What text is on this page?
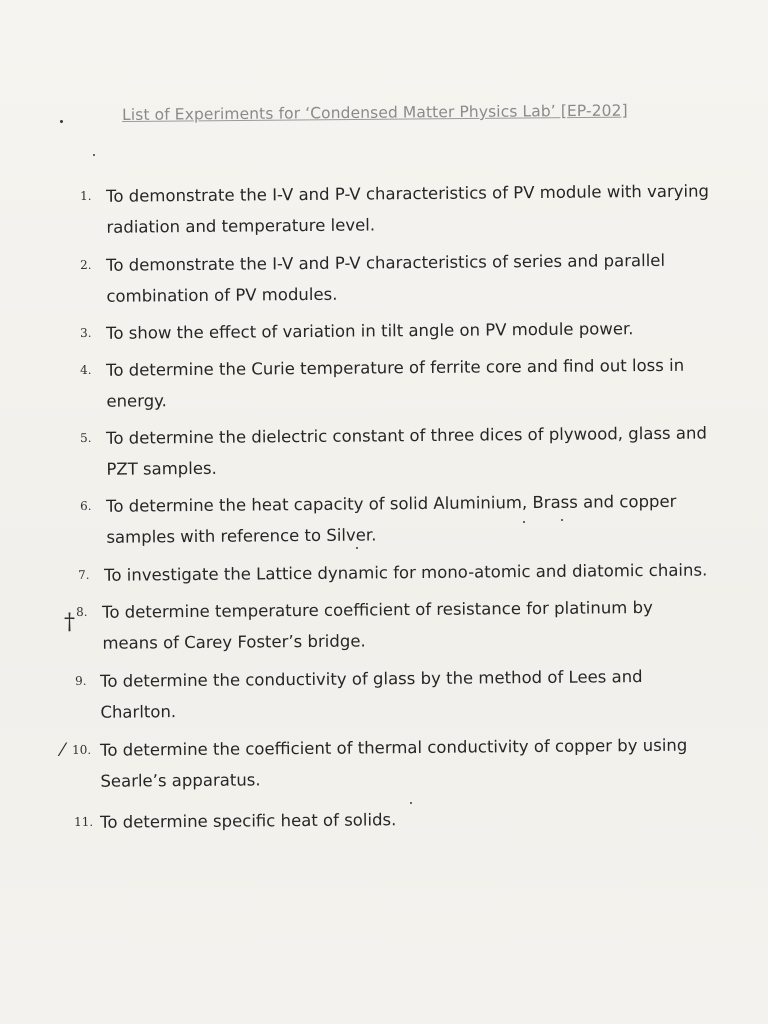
List of Experiments for ‘Condensed Matter Physics Lab’ [EP-202]
†
⁄
1. To demonstrate the I-V and P-V characteristics of PV module with varying
radiation and temperature level.
2. To demonstrate the I-V and P-V characteristics of series and parallel
combination of PV modules.
3. To show the effect of variation in tilt angle on PV module power.
4. To determine the Curie temperature of ferrite core and find out loss in
energy.
5. To determine the dielectric constant of three dices of plywood, glass and
PZT samples.
6. To determine the heat capacity of solid Aluminium, Brass and copper
samples with reference to Silver.
7. To investigate the Lattice dynamic for mono-atomic and diatomic chains.
8. To determine temperature coefficient of resistance for platinum by
means of Carey Foster’s bridge.
9. To determine the conductivity of glass by the method of Lees and
Charlton.
10. To determine the coefficient of thermal conductivity of copper by using
Searle’s apparatus.
11. To determine specific heat of solids.
